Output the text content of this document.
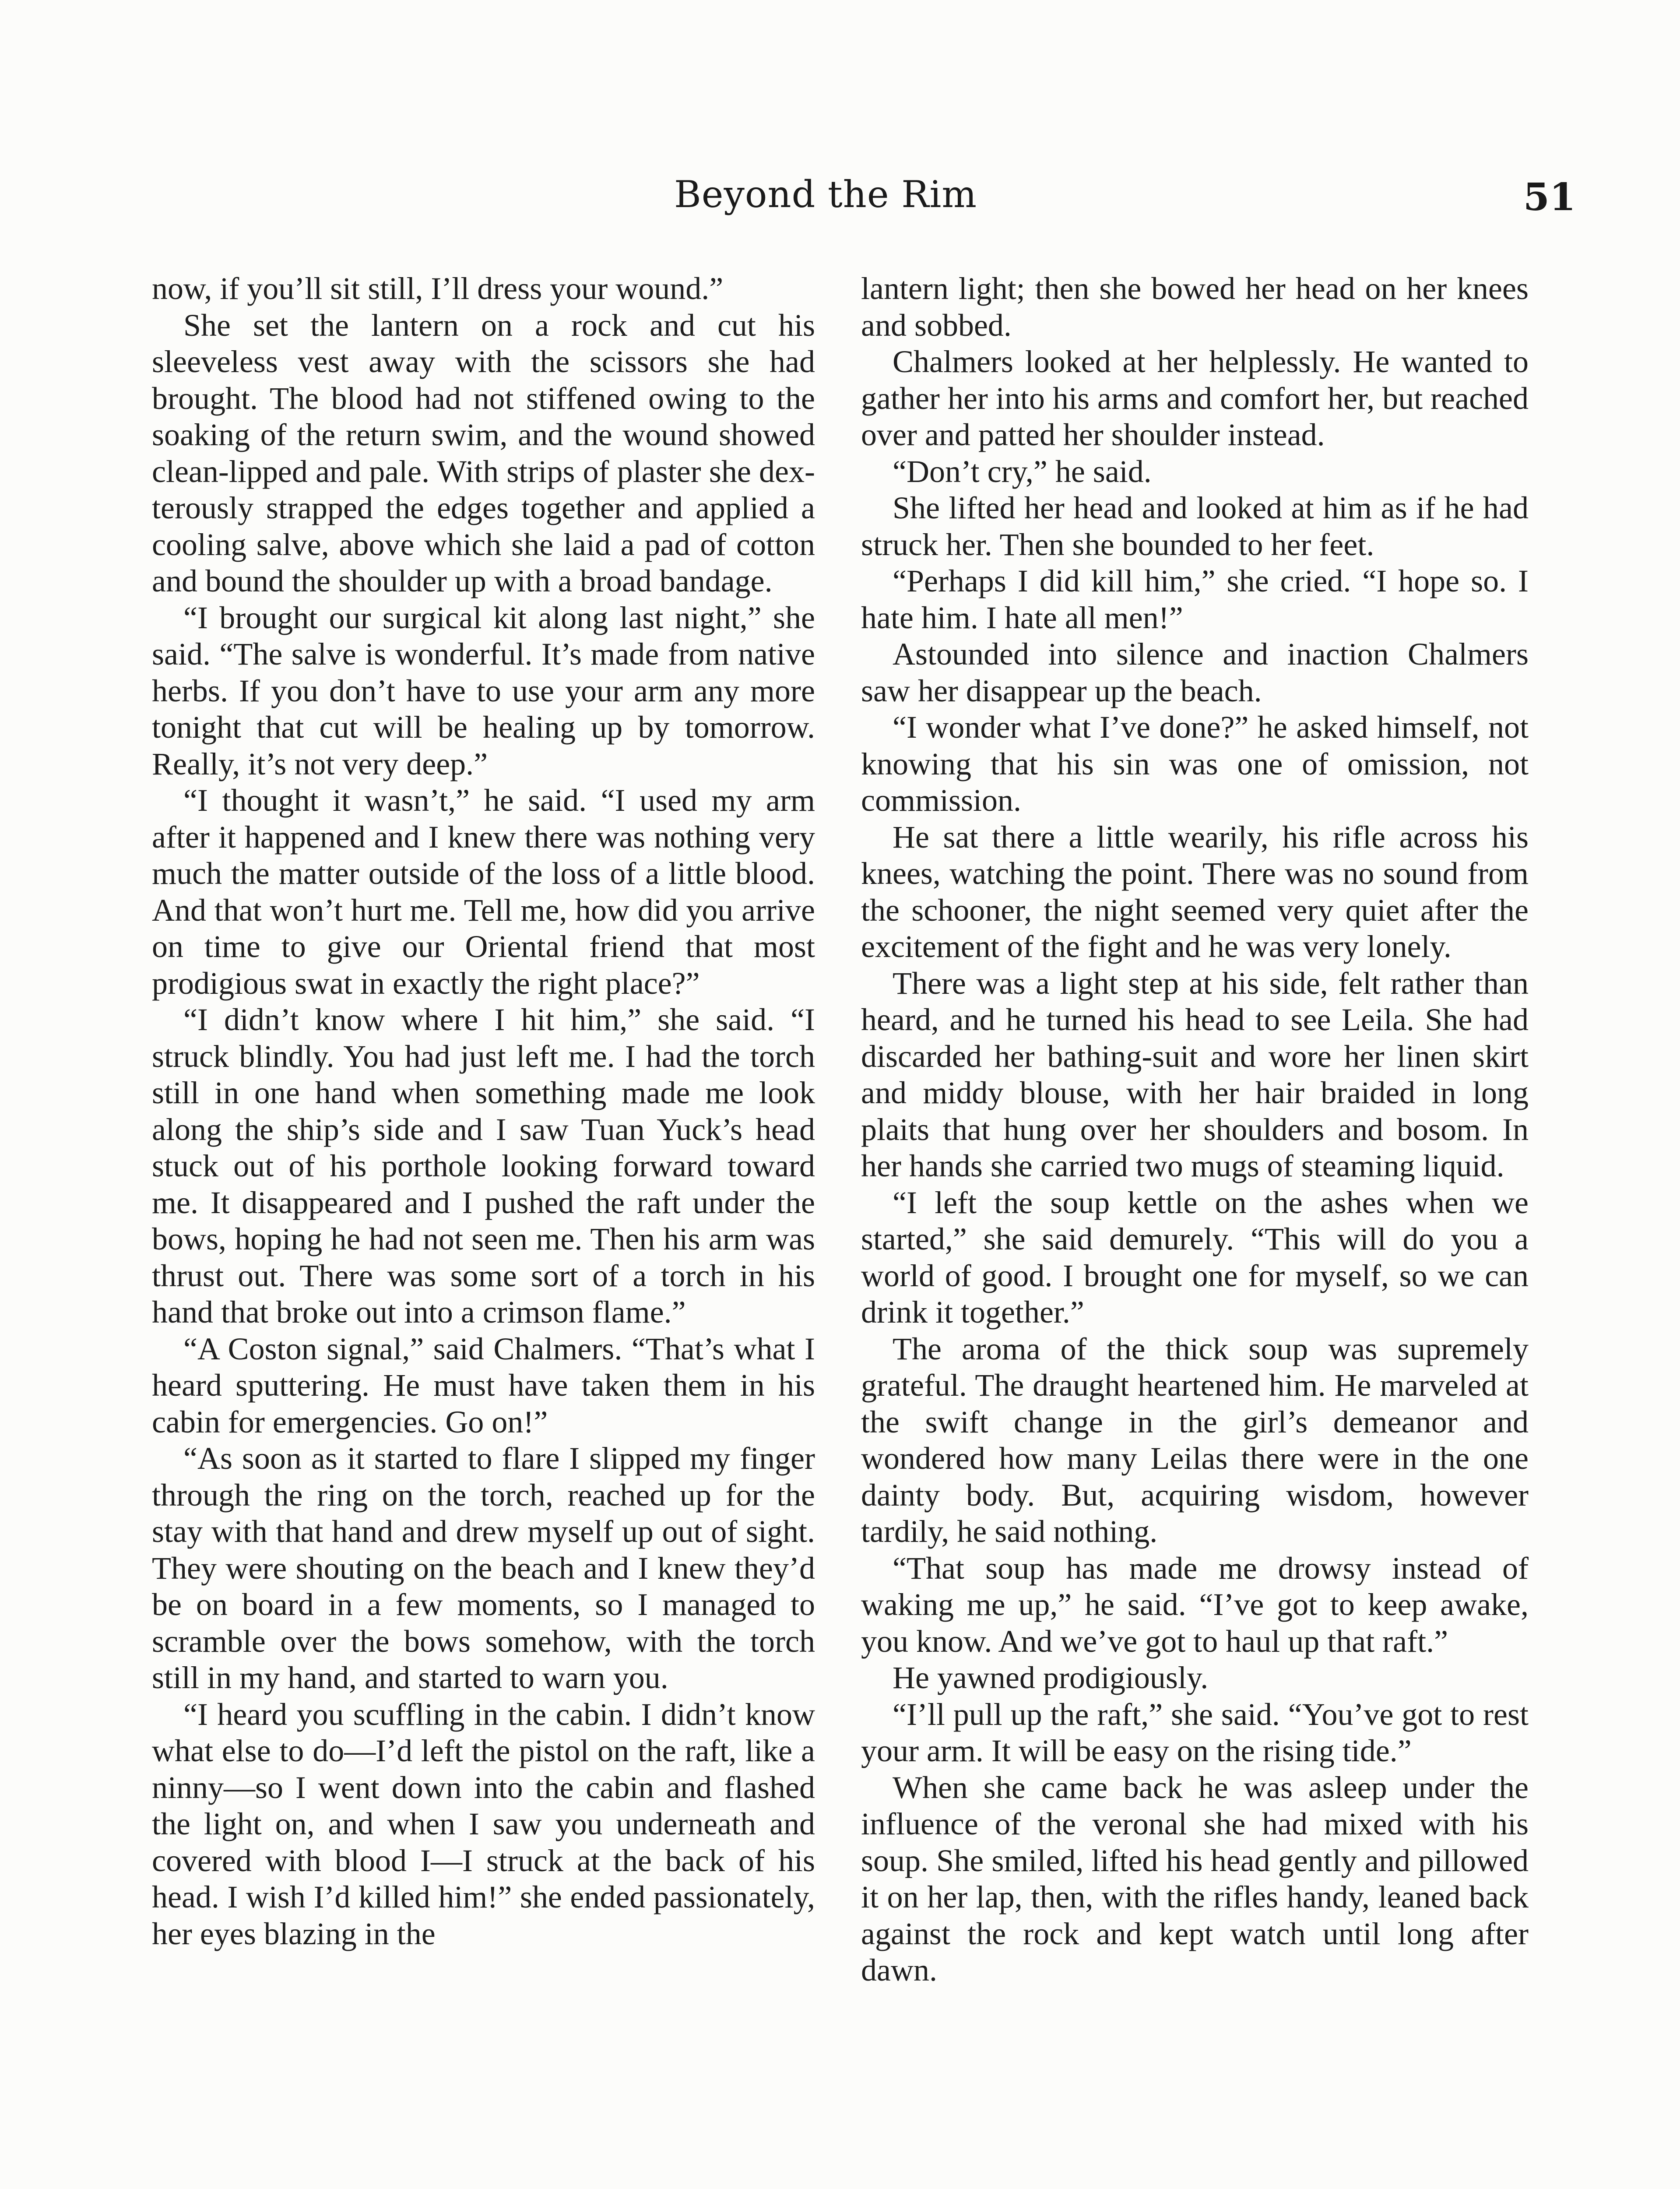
Beyond the Rim	51

now, if you’ll sit still, I’ll dress your wound.”

She set the lantern on a rock and cut his sleeveless vest away with the scissors she had brought. The blood had not stiffened owing to the soaking of the return swim, and the wound showed clean-lipped and pale. With strips of plaster she dexterously strapped the edges together and applied a cooling salve, above which she laid a pad of cotton and bound the shoulder up with a broad bandage.

“I brought our surgical kit along last night,” she said. “The salve is wonderful. It’s made from native herbs. If you don’t have to use your arm any more tonight that cut will be healing up by tomorrow. Really, it’s not very deep.”

“I thought it wasn’t,” he said. “I used my arm after it happened and I knew there was nothing very much the matter outside of the loss of a little blood. And that won’t hurt me. Tell me, how did you arrive on time to give our Oriental friend that most prodigious swat in exactly the right place?”

“I didn’t know where I hit him,” she said. “I struck blindly. You had just left me. I had the torch still in one hand when something made me look along the ship’s side and I saw Tuan Yuck’s head stuck out of his porthole looking forward toward me. It disappeared and I pushed the raft under the bows, hoping he had not seen me. Then his arm was thrust out. There was some sort of a torch in his hand that broke out into a crimson flame.”

“A Coston signal,” said Chalmers. “That’s what I heard sputtering. He must have taken them in his cabin for emergencies. Go on!”

“As soon as it started to flare I slipped my finger through the ring on the torch, reached up for the stay with that hand and drew myself up out of sight. They were shouting on the beach and I knew they’d be on board in a few moments, so I managed to scramble over the bows somehow, with the torch still in my hand, and started to warn you.

“I heard you scuffling in the cabin. I didn’t know what else to do—I’d left the pistol on the raft, like a ninny—so I went down into the cabin and flashed the light on, and when I saw you underneath and covered with blood I—I struck at the back of his head. I wish I’d killed him!” she ended passionately, her eyes blazing in the

lantern light; then she bowed her head on her knees and sobbed.

Chalmers looked at her helplessly. He wanted to gather her into his arms and comfort her, but reached over and patted her shoulder instead.

“Don’t cry,” he said.

She lifted her head and looked at him as if he had struck her. Then she bounded to her feet.

“Perhaps I did kill him,” she cried. “I hope so. I hate him. I hate all men!”

Astounded into silence and inaction Chalmers saw her disappear up the beach.

“I wonder what I’ve done?” he asked himself, not knowing that his sin was one of omission, not commission.

He sat there a little wearily, his rifle across his knees, watching the point. There was no sound from the schooner, the night seemed very quiet after the excitement of the fight and he was very lonely.

There was a light step at his side, felt rather than heard, and he turned his head to see Leila. She had discarded her bathing-suit and wore her linen skirt and middy blouse, with her hair braided in long plaits that hung over her shoulders and bosom. In her hands she carried two mugs of steaming liquid.

“I left the soup kettle on the ashes when we started,” she said demurely. “This will do you a world of good. I brought one for myself, so we can drink it together.”

The aroma of the thick soup was supremely grateful. The draught heartened him. He marveled at the swift change in the girl’s demeanor and wondered how many Leilas there were in the one dainty body. But, acquiring wisdom, however tardily, he said nothing.

“That soup has made me drowsy instead of waking me up,” he said. “I’ve got to keep awake, you know. And we’ve got to haul up that raft.”

He yawned prodigiously.

“I’ll pull up the raft,” she said. “You’ve got to rest your arm. It will be easy on the rising tide.”

When she came back he was asleep under the influence of the veronal she had mixed with his soup. She smiled, lifted his head gently and pillowed it on her lap, then, with the rifles handy, leaned back against the rock and kept watch until long after dawn.
